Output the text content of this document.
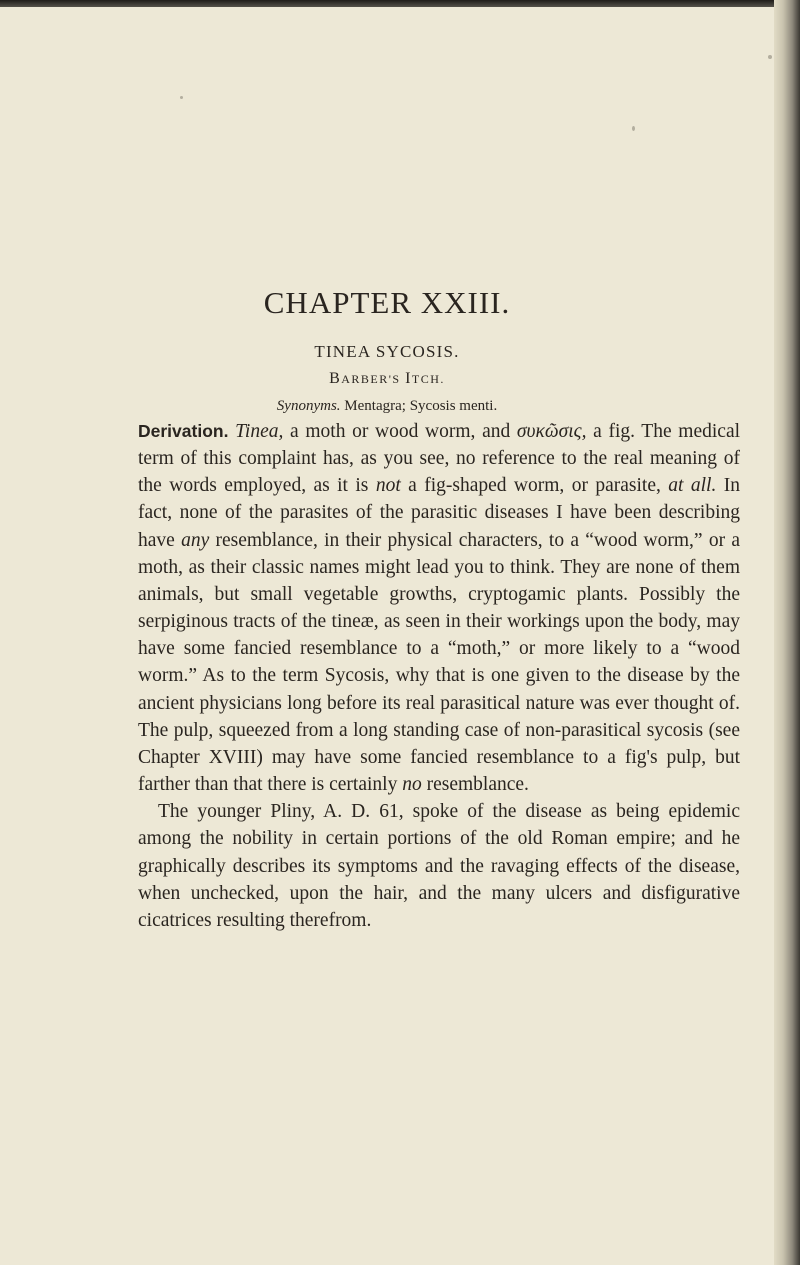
CHAPTER XXIII.
TINEA SYCOSIS.
BARBER'S ITCH.
Synonyms. Mentagra; Sycosis menti.

Derivation. Tinea, a moth or wood worm, and συκῶσις, a fig. The medical term of this complaint has, as you see, no reference to the real meaning of the words employed, as it is not a fig-shaped worm, or parasite, at all. In fact, none of the parasites of the parasitic diseases I have been describing have any resemblance, in their physical characters, to a “wood worm,” or a moth, as their classic names might lead you to think. They are none of them animals, but small vegetable growths, cryptogamic plants. Possibly the serpiginous tracts of the tineæ, as seen in their workings upon the body, may have some fancied resemblance to a “moth,” or more likely to a “wood worm.” As to the term Sycosis, why that is one given to the disease by the ancient physicians long before its real parasitical nature was ever thought of. The pulp, squeezed from a long standing case of non-parasitical sycosis (see Chapter XVIII) may have some fancied resemblance to a fig's pulp, but farther than that there is certainly no resemblance.

The younger Pliny, A. D. 61, spoke of the disease as being epidemic among the nobility in certain portions of the old Roman empire; and he graphically describes its symptoms and the ravaging effects of the disease, when unchecked, upon the hair, and the many ulcers and disfigurative cicatrices resulting therefrom.
